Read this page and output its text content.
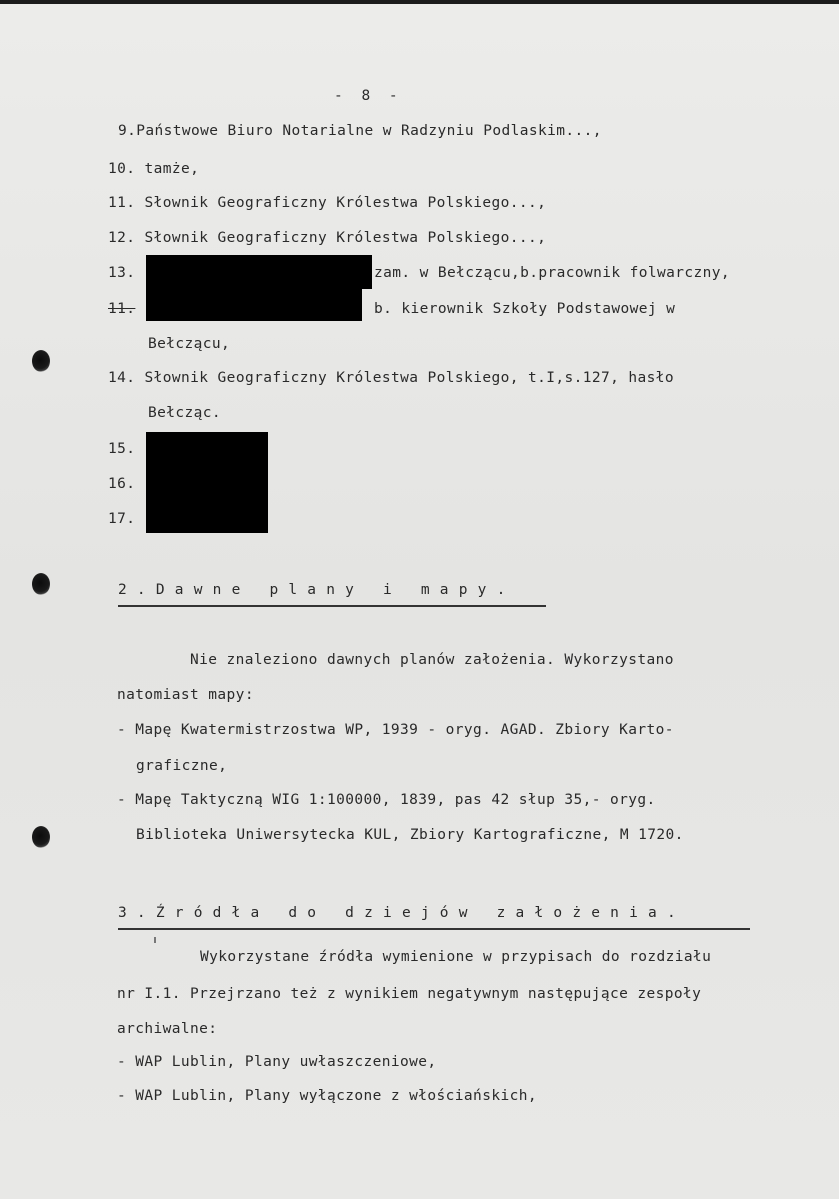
- 8 -
9.Państwowe Biuro Notarialne w Radzyniu Podlaskim...,
10. tamże,
11. Słownik Geograficzny Królestwa Polskiego...,
12. Słownik Geograficzny Królestwa Polskiego...,
13.	zam. w Bełczącu,b.pracownik folwarczny,
11.	b. kierownik Szkoły Podstawowej w
Bełczącu,
14. Słownik Geograficzny Królestwa Polskiego, t.I,s.127, hasło
Bełcząc.
15.
16.
17.
2.Dawne plany i mapy.
Nie znaleziono dawnych planów założenia. Wykorzystano
natomiast mapy:
- Mapę Kwatermistrzostwa WP, 1939 - oryg. AGAD. Zbiory Karto-
graficzne,
- Mapę Taktyczną WIG 1:100000, 1839, pas 42 słup 35,- oryg.
Biblioteka Uniwersytecka KUL, Zbiory Kartograficzne, M 1720.
3.Źródła do dziejów założenia.
Wykorzystane źródła wymienione w przypisach do rozdziału
nr I.1. Przejrzano też z wynikiem negatywnym następujące zespoły
archiwalne:
- WAP Lublin, Plany uwłaszczeniowe,
- WAP Lublin, Plany wyłączone z włościańskich,
